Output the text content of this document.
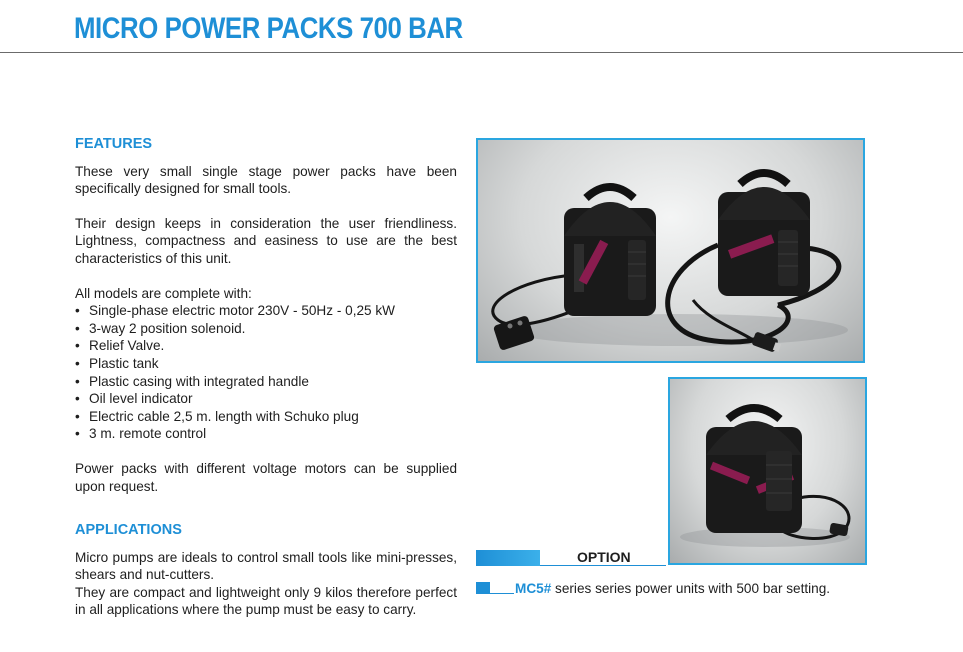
MICRO POWER PACKS 700 BAR
FEATURES

These very small single stage power packs have been specifically designed for small tools.

Their design keeps in consideration the user friendliness. Lightness, compactness and easiness to use are the best characteristics of this unit.

All models are complete with:

• Single-phase electric motor 230V - 50Hz - 0,25 kW
• 3-way 2 position solenoid.
• Relief Valve.
• Plastic tank
• Plastic casing with integrated handle
• Oil level indicator
• Electric cable 2,5 m. length with Schuko plug
• 3 m. remote control

Power packs with different voltage motors can be supplied upon request.

APPLICATIONS

Micro pumps are ideals to control small tools like mini-presses, shears and nut-cutters.

They are compact and lightweight only 9 kilos therefore perfect in all applications where the pump must be easy to carry.

OPTION
MC5# series series power units with 500 bar setting.
